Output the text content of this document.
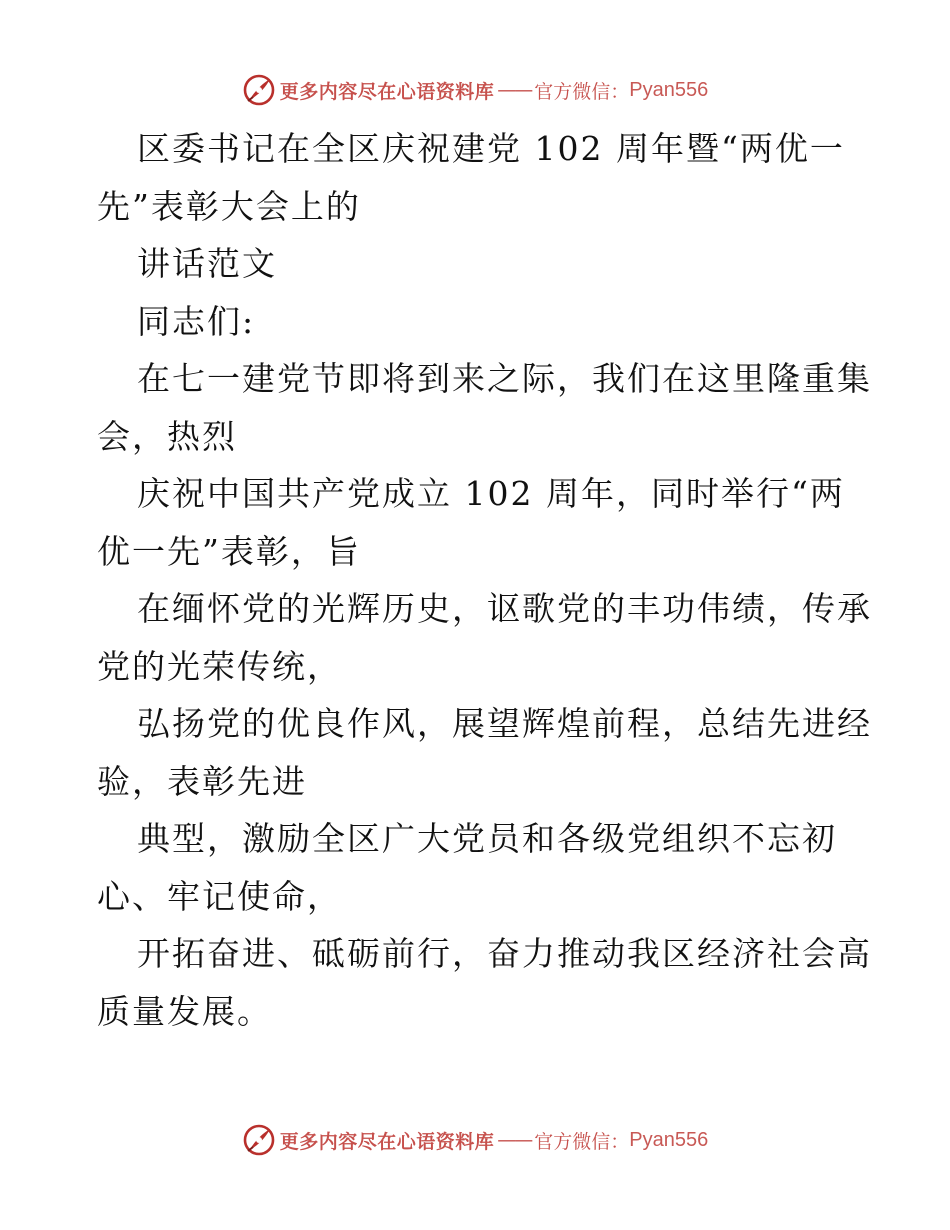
更多内容尽在心语资料库 —— 官方微信： Pyan556

区委书记在全区庆祝建党 102 周年暨“两优一

先”表彰大会上的

讲话范文

同志们:

在七一建党节即将到来之际，我们在这里隆重集

会，热烈

庆祝中国共产党成立 102 周年，同时举行“两

优一先”表彰，旨

在缅怀党的光辉历史，讴歌党的丰功伟绩，传承

党的光荣传统，

弘扬党的优良作风，展望辉煌前程，总结先进经

验，表彰先进

典型，激励全区广大党员和各级党组织不忘初

心、牢记使命，

开拓奋进、砥砺前行，奋力推动我区经济社会高

质量发展。

更多内容尽在心语资料库 —— 官方微信： Pyan556
